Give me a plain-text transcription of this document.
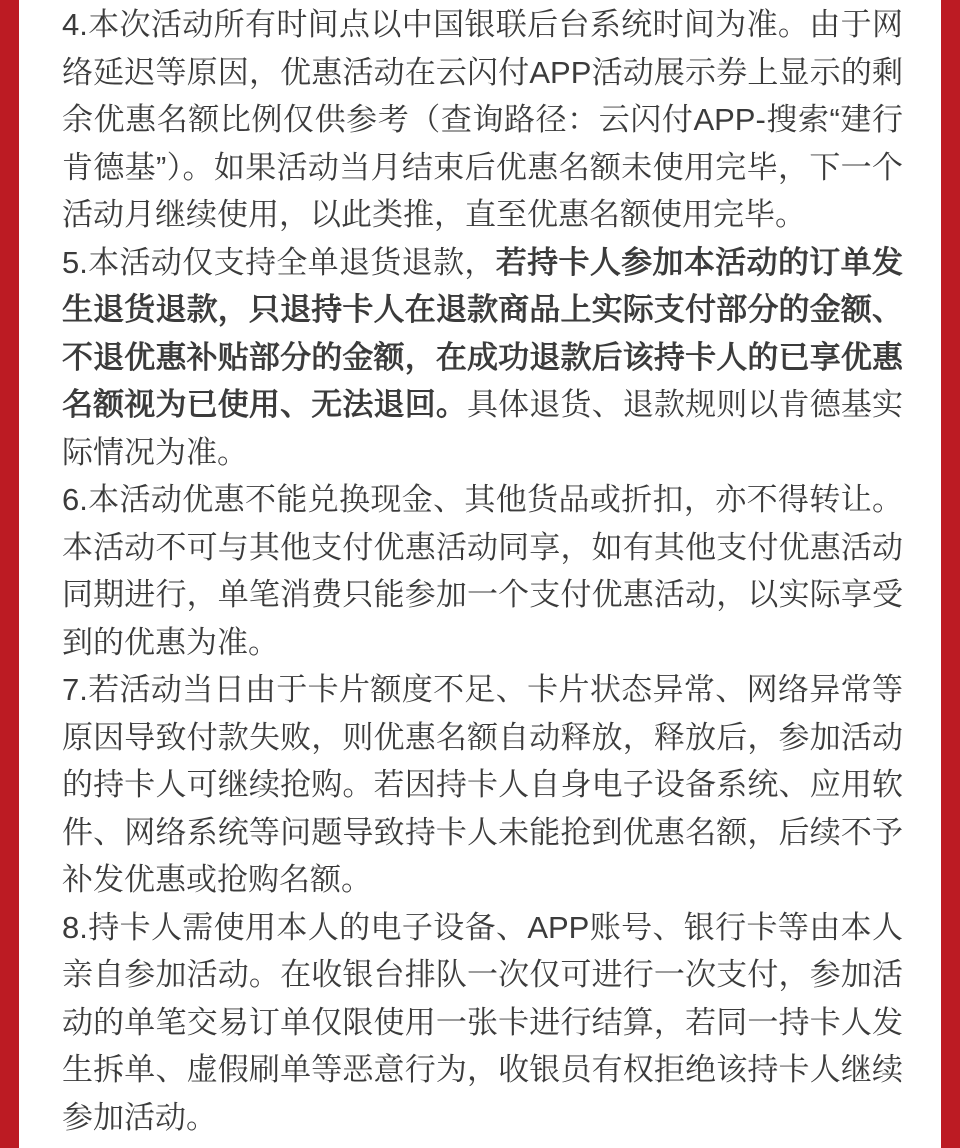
4.本次活动所有时间点以中国银联后台系统时间为准。由于网络延迟等原因，优惠活动在云闪付APP活动展示券上显示的剩余优惠名额比例仅供参考（查询路径：云闪付APP-搜索“建行肯德基”）。如果活动当月结束后优惠名额未使用完毕，下一个活动月继续使用，以此类推，直至优惠名额使用完毕。

5.本活动仅支持全单退货退款，若持卡人参加本活动的订单发生退货退款，只退持卡人在退款商品上实际支付部分的金额、不退优惠补贴部分的金额，在成功退款后该持卡人的已享优惠名额视为已使用、无法退回。具体退货、退款规则以肯德基实际情况为准。

6.本活动优惠不能兑换现金、其他货品或折扣，亦不得转让。本活动不可与其他支付优惠活动同享，如有其他支付优惠活动同期进行，单笔消费只能参加一个支付优惠活动，以实际享受到的优惠为准。

7.若活动当日由于卡片额度不足、卡片状态异常、网络异常等原因导致付款失败，则优惠名额自动释放，释放后，参加活动的持卡人可继续抢购。若因持卡人自身电子设备系统、应用软件、网络系统等问题导致持卡人未能抢到优惠名额，后续不予补发优惠或抢购名额。

8.持卡人需使用本人的电子设备、APP账号、银行卡等由本人亲自参加活动。在收银台排队一次仅可进行一次支付，参加活动的单笔交易订单仅限使用一张卡进行结算，若同一持卡人发生拆单、虚假刷单等恶意行为，收银员有权拒绝该持卡人继续参加活动。
